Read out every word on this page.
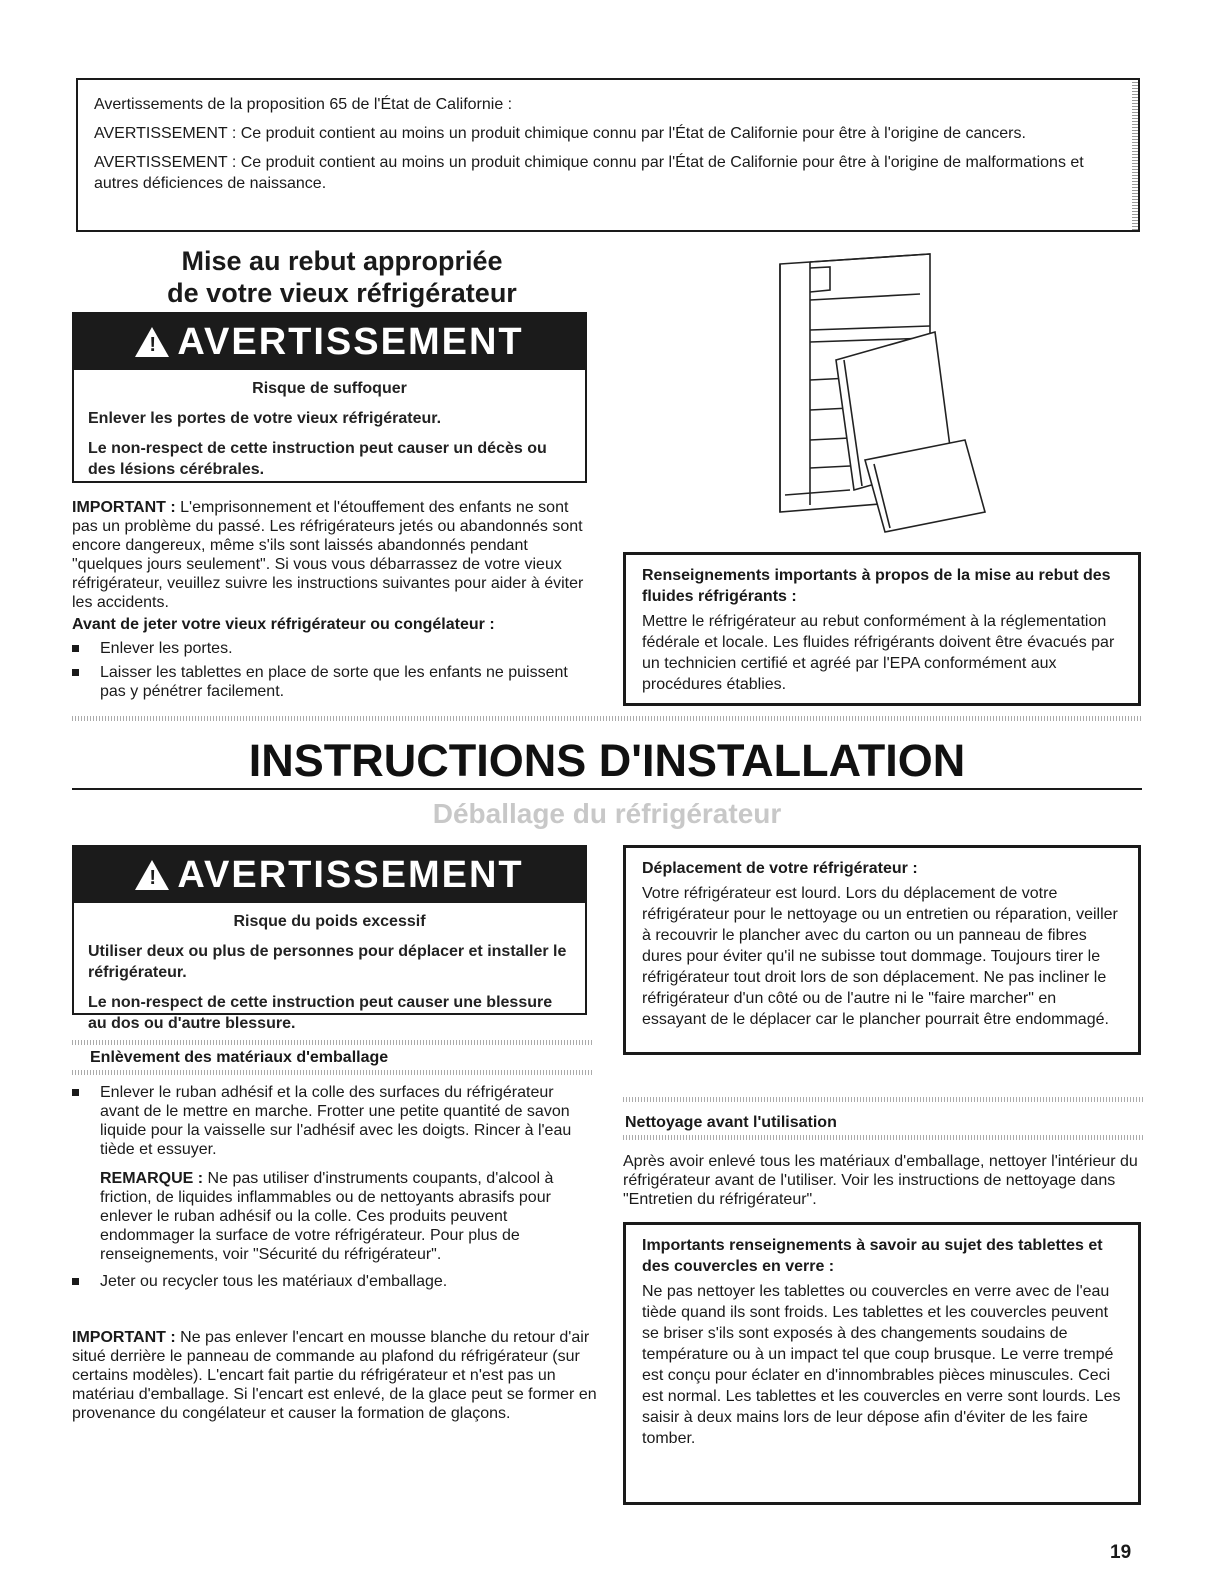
Avertissements de la proposition 65 de l'État de Californie :

AVERTISSEMENT : Ce produit contient au moins un produit chimique connu par l'État de Californie pour être à l'origine de cancers.

AVERTISSEMENT : Ce produit contient au moins un produit chimique connu par l'État de Californie pour être à l'origine de malformations et autres déficiences de naissance.

Mise au rebut appropriée
de votre vieux réfrigérateur
! AVERTISSEMENT

Risque de suffoquer

Enlever les portes de votre vieux réfrigérateur.

Le non-respect de cette instruction peut causer un décès ou des lésions cérébrales.

IMPORTANT : L'emprisonnement et l'étouffement des enfants ne sont pas un problème du passé. Les réfrigérateurs jetés ou abandonnés sont encore dangereux, même s'ils sont laissés abandonnés pendant "quelques jours seulement". Si vous vous débarrassez de votre vieux réfrigérateur, veuillez suivre les instructions suivantes pour aider à éviter les accidents.

Avant de jeter votre vieux réfrigérateur ou congélateur :
Enlever les portes.
Laisser les tablettes en place de sorte que les enfants ne puissent pas y pénétrer facilement.

Renseignements importants à propos de la mise au rebut des fluides réfrigérants :

Mettre le réfrigérateur au rebut conformément à la réglementation fédérale et locale. Les fluides réfrigérants doivent être évacués par un technicien certifié et agréé par l'EPA conformément aux procédures établies.

INSTRUCTIONS D'INSTALLATION
Déballage du réfrigérateur
! AVERTISSEMENT

Risque du poids excessif

Utiliser deux ou plus de personnes pour déplacer et installer le réfrigérateur.

Le non-respect de cette instruction peut causer une blessure au dos ou d'autre blessure.

Déplacement de votre réfrigérateur :

Votre réfrigérateur est lourd. Lors du déplacement de votre réfrigérateur pour le nettoyage ou un entretien ou réparation, veiller à recouvrir le plancher avec du carton ou un panneau de fibres dures pour éviter qu'il ne subisse tout dommage. Toujours tirer le réfrigérateur tout droit lors de son déplacement. Ne pas incliner le réfrigérateur d'un côté ou de l'autre ni le "faire marcher" en essayant de le déplacer car le plancher pourrait être endommagé.

Enlèvement des matériaux d'emballage
Enlever le ruban adhésif et la colle des surfaces du réfrigérateur avant de le mettre en marche. Frotter une petite quantité de savon liquide pour la vaisselle sur l'adhésif avec les doigts. Rincer à l'eau tiède et essuyer.

REMARQUE : Ne pas utiliser d'instruments coupants, d'alcool à friction, de liquides inflammables ou de nettoyants abrasifs pour enlever le ruban adhésif ou la colle. Ces produits peuvent endommager la surface de votre réfrigérateur. Pour plus de renseignements, voir "Sécurité du réfrigérateur".

Jeter ou recycler tous les matériaux d'emballage.

IMPORTANT : Ne pas enlever l'encart en mousse blanche du retour d'air situé derrière le panneau de commande au plafond du réfrigérateur (sur certains modèles). L'encart fait partie du réfrigérateur et n'est pas un matériau d'emballage. Si l'encart est enlevé, de la glace peut se former en provenance du congélateur et causer la formation de glaçons.

Nettoyage avant l'utilisation

Après avoir enlevé tous les matériaux d'emballage, nettoyer l'intérieur du réfrigérateur avant de l'utiliser. Voir les instructions de nettoyage dans "Entretien du réfrigérateur".

Importants renseignements à savoir au sujet des tablettes et des couvercles en verre :

Ne pas nettoyer les tablettes ou couvercles en verre avec de l'eau tiède quand ils sont froids. Les tablettes et les couvercles peuvent se briser s'ils sont exposés à des changements soudains de température ou à un impact tel que coup brusque. Le verre trempé est conçu pour éclater en d'innombrables pièces minuscules. Ceci est normal. Les tablettes et les couvercles en verre sont lourds. Les saisir à deux mains lors de leur dépose afin d'éviter de les faire tomber.

19
